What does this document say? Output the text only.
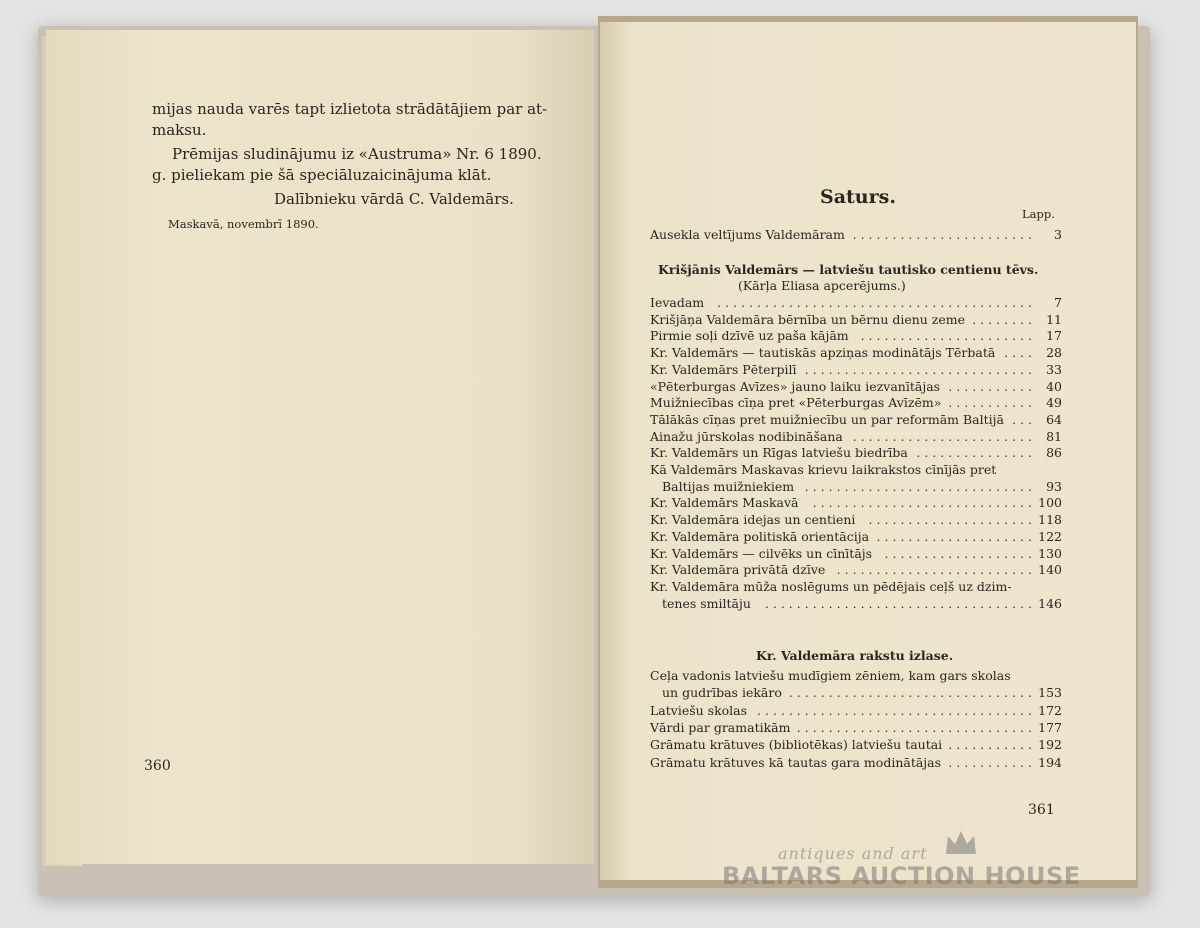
mijas nauda varēs tapt izlietota strādātājiem par at-
maksu.
Prēmijas sludinājumu iz «Austruma» Nr. 6 1890.
g. pieliekam pie šā speciāluzaicinājuma klāt.
Dalībnieku vārdā C. Valdemārs.
Maskavā, novembrī 1890.
360
Saturs.
Lapp.
Auseklа veltījums Valdemāram	3
.......................
Krišjānis Valdemārs — latviešu tautisko centienu tēvs.
(Kārļa Eliasa apcerējums.)
Ievadam	7
........................................
Krišjāņa Valdemāra bērnība un bērnu dienu zeme	11
........
Pirmie soļi dzīvē uz paša kājām	17
......................
Kr. Valdemārs — tautiskās apziņas modinātājs Tērbatā	28
....
Kr. Valdemārs Pēterpilī	33
.............................
«Pēterburgas Avīzes» jauno laiku iezvanītājas	40
...........
Muižniecības cīņa pret «Pēterburgas Avīzēm»	49
...........
Tālākās cīņas pret muižniecību un par reformām Baltijā	64
...
Ainažu jūrskolas nodibināšana	81
.......................
Kr. Valdemārs un Rīgas latviešu biedrība	86
...............
Kā Valdemārs Maskavas krievu laikrakstos cīnījās pret
Baltijas muižniekiem	93
.............................
Kr. Valdemārs Maskavā	100
............................
Kr. Valdemāra idejas un centieni	118
.....................
Kr. Valdemāra politiskā orientācija	122
....................
Kr. Valdemārs — cilvēks un cīnītājs	130
...................
Kr. Valdemāra privātā dzīve	140
.........................
Kr. Valdemāra mūža noslēgums un pēdējais ceļš uz dzim-
tenes smiltāju	146
..................................
Kr. Valdemāra rakstu izlase.
Ceļa vadonis latviešu mudīgiem zēniem, kam gars skolas
un gudrības iekāro	153
...............................
Latviešu skolas	172
...................................
Vārdi par gramatikām	177
..............................
Grāmatu krātuves (bibliotēkas) latviešu tautai	192
...........
Grāmatu krātuves kā tautas gara modinātājas	194
...........
361
antiques and art
BALTARS AUCTION HOUSE
